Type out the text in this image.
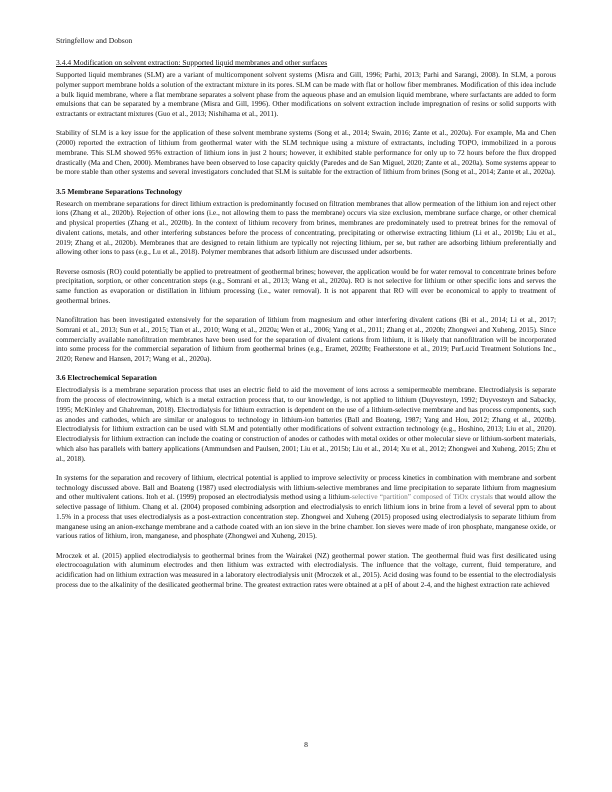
Stringfellow and Dobson
3.4.4 Modification on solvent extraction: Supported liquid membranes and other surfaces

Supported liquid membranes (SLM) are a variant of multicomponent solvent systems (Misra and Gill, 1996; Parhi, 2013; Parhi and Sarangi, 2008). In SLM, a porous polymer support membrane holds a solution of the extractant mixture in its pores. SLM can be made with flat or hollow fiber membranes. Modification of this idea include a bulk liquid membrane, where a flat membrane separates a solvent phase from the aqueous phase and an emulsion liquid membrane, where surfactants are added to form emulsions that can be separated by a membrane (Misra and Gill, 1996). Other modifications on solvent extraction include impregnation of resins or solid supports with extractants or extractant mixtures (Guo et al., 2013; Nishihama et al., 2011).

Stability of SLM is a key issue for the application of these solvent membrane systems (Song et al., 2014; Swain, 2016; Zante et al., 2020a). For example, Ma and Chen (2000) reported the extraction of lithium from geothermal water with the SLM technique using a mixture of extractants, including TOPO, immobilized in a porous membrane. This SLM showed 95% extraction of lithium ions in just 2 hours; however, it exhibited stable performance for only up to 72 hours before the flux dropped drastically (Ma and Chen, 2000). Membranes have been observed to lose capacity quickly (Paredes and de San Miguel, 2020; Zante et al., 2020a). Some systems appear to be more stable than other systems and several investigators concluded that SLM is suitable for the extraction of lithium from brines (Song et al., 2014; Zante et al., 2020a).

3.5 Membrane Separations Technology

Research on membrane separations for direct lithium extraction is predominantly focused on filtration membranes that allow permeation of the lithium ion and reject other ions (Zhang et al., 2020b). Rejection of other ions (i.e., not allowing them to pass the membrane) occurs via size exclusion, membrane surface charge, or other chemical and physical properties (Zhang et al., 2020b). In the context of lithium recovery from brines, membranes are predominately used to pretreat brines for the removal of divalent cations, metals, and other interfering substances before the process of concentrating, precipitating or otherwise extracting lithium (Li et al., 2019b; Liu et al., 2019; Zhang et al., 2020b). Membranes that are designed to retain lithium are typically not rejecting lithium, per se, but rather are adsorbing lithium preferentially and allowing other ions to pass (e.g., Lu et al., 2018). Polymer membranes that adsorb lithium are discussed under adsorbents.

Reverse osmosis (RO) could potentially be applied to pretreatment of geothermal brines; however, the application would be for water removal to concentrate brines before precipitation, sorption, or other concentration steps (e.g., Somrani et al., 2013; Wang et al., 2020a). RO is not selective for lithium or other specific ions and serves the same function as evaporation or distillation in lithium processing (i.e., water removal). It is not apparent that RO will ever be economical to apply to treatment of geothermal brines.

Nanofiltration has been investigated extensively for the separation of lithium from magnesium and other interfering divalent cations (Bi et al., 2014; Li et al., 2017; Somrani et al., 2013; Sun et al., 2015; Tian et al., 2010; Wang et al., 2020a; Wen et al., 2006; Yang et al., 2011; Zhang et al., 2020b; Zhongwei and Xuheng, 2015). Since commercially available nanofiltration membranes have been used for the separation of divalent cations from lithium, it is likely that nanofiltration will be incorporated into some process for the commercial separation of lithium from geothermal brines (e.g., Eramet, 2020b; Featherstone et al., 2019; PurLucid Treatment Solutions Inc., 2020; Renew and Hansen, 2017; Wang et al., 2020a).

3.6 Electrochemical Separation

Electrodialysis is a membrane separation process that uses an electric field to aid the movement of ions across a semipermeable membrane. Electrodialysis is separate from the process of electrowinning, which is a metal extraction process that, to our knowledge, is not applied to lithium (Duyvesteyn, 1992; Duyvesteyn and Sabacky, 1995; McKinley and Ghahreman, 2018). Electrodialysis for lithium extraction is dependent on the use of a lithium-selective membrane and has process components, such as anodes and cathodes, which are similar or analogous to technology in lithium-ion batteries (Ball and Boateng, 1987; Yang and Hou, 2012; Zhang et al., 2020b). Electrodialysis for lithium extraction can be used with SLM and potentially other modifications of solvent extraction technology (e.g., Hoshino, 2013; Liu et al., 2020). Electrodialysis for lithium extraction can include the coating or construction of anodes or cathodes with metal oxides or other molecular sieve or lithium-sorbent materials, which also has parallels with battery applications (Ammundsen and Paulsen, 2001; Liu et al., 2015b; Liu et al., 2014; Xu et al., 2012; Zhongwei and Xuheng, 2015; Zhu et al., 2018).

In systems for the separation and recovery of lithium, electrical potential is applied to improve selectivity or process kinetics in combination with membrane and sorbent technology discussed above. Ball and Boateng (1987) used electrodialysis with lithium-selective membranes and lime precipitation to separate lithium from magnesium and other multivalent cations. Itoh et al. (1999) proposed an electrodialysis method using a lithium-selective “partition” composed of TiOx crystals that would allow the selective passage of lithium. Chang et al. (2004) proposed combining adsorption and electrodialysis to enrich lithium ions in brine from a level of several ppm to about 1.5% in a process that uses electrodialysis as a post-extraction concentration step. Zhongwei and Xuheng (2015) proposed using electrodialysis to separate lithium from manganese using an anion-exchange membrane and a cathode coated with an ion sieve in the brine chamber. Ion sieves were made of iron phosphate, manganese oxide, or various ratios of lithium, iron, manganese, and phosphate (Zhongwei and Xuheng, 2015).

Mroczek et al. (2015) applied electrodialysis to geothermal brines from the Wairakei (NZ) geothermal power station. The geothermal fluid was first desilicated using electrocoagulation with aluminum electrodes and then lithium was extracted with electrodialysis. The influence that the voltage, current, fluid temperature, and acidification had on lithium extraction was measured in a laboratory electrodialysis unit (Mroczek et al., 2015). Acid dosing was found to be essential to the electrodialysis process due to the alkalinity of the desilicated geothermal brine. The greatest extraction rates were obtained at a pH of about 2-4, and the highest extraction rate achieved

8
